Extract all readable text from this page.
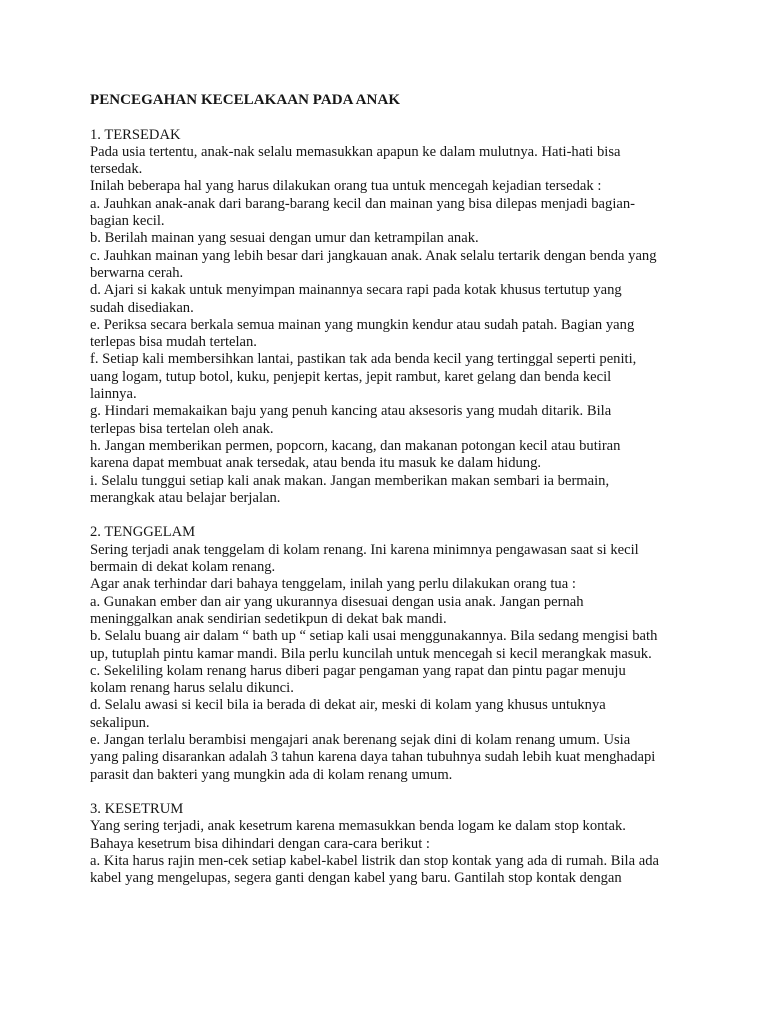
PENCEGAHAN KECELAKAAN PADA ANAK

1. TERSEDAK

Pada usia tertentu, anak-nak selalu memasukkan apapun ke dalam mulutnya. Hati-hati bisa

tersedak.

Inilah beberapa hal yang harus dilakukan orang tua untuk mencegah kejadian tersedak :

a. Jauhkan anak-anak dari barang-barang kecil dan mainan yang bisa dilepas menjadi bagian-

bagian kecil.

b. Berilah mainan yang sesuai dengan umur dan ketrampilan anak.

c. Jauhkan mainan yang lebih besar dari jangkauan anak. Anak selalu tertarik dengan benda yang

berwarna cerah.

d. Ajari si kakak untuk menyimpan mainannya secara rapi pada kotak khusus tertutup yang

sudah disediakan.

e. Periksa secara berkala semua mainan yang mungkin kendur atau sudah patah. Bagian yang

terlepas bisa mudah tertelan.

f. Setiap kali membersihkan lantai, pastikan tak ada benda kecil yang tertinggal seperti peniti,

uang logam, tutup botol, kuku, penjepit kertas, jepit rambut, karet gelang dan benda kecil

lainnya.

g. Hindari memakaikan baju yang penuh kancing atau aksesoris yang mudah ditarik. Bila

terlepas bisa tertelan oleh anak.

h. Jangan memberikan permen, popcorn, kacang, dan makanan potongan kecil atau butiran

karena dapat membuat anak tersedak, atau benda itu masuk ke dalam hidung.

i. Selalu tunggui setiap kali anak makan. Jangan memberikan makan sembari ia bermain,

merangkak atau belajar berjalan.

2. TENGGELAM

Sering terjadi anak tenggelam di kolam renang. Ini karena minimnya pengawasan saat si kecil

bermain di dekat kolam renang.

Agar anak terhindar dari bahaya tenggelam, inilah yang perlu dilakukan orang tua :

a. Gunakan ember dan air yang ukurannya disesuai dengan usia anak. Jangan pernah

meninggalkan anak sendirian sedetikpun di dekat bak mandi.

b. Selalu buang air dalam “ bath up “ setiap kali usai menggunakannya. Bila sedang mengisi bath

up, tutuplah pintu kamar mandi. Bila perlu kuncilah untuk mencegah si kecil merangkak masuk.

c. Sekeliling kolam renang harus diberi pagar pengaman yang rapat dan pintu pagar menuju

kolam renang harus selalu dikunci.

d. Selalu awasi si kecil bila ia berada di dekat air, meski di kolam yang khusus untuknya

sekalipun.

e. Jangan terlalu berambisi mengajari anak berenang sejak dini di kolam renang umum. Usia

yang paling disarankan adalah 3 tahun karena daya tahan tubuhnya sudah lebih kuat menghadapi

parasit dan bakteri yang mungkin ada di kolam renang umum.

3. KESETRUM

Yang sering terjadi, anak kesetrum karena memasukkan benda logam ke dalam stop kontak.

Bahaya kesetrum bisa dihindari dengan cara-cara berikut :

a. Kita harus rajin men-cek setiap kabel-kabel listrik dan stop kontak yang ada di rumah. Bila ada

kabel yang mengelupas, segera ganti dengan kabel yang baru. Gantilah stop kontak dengan
